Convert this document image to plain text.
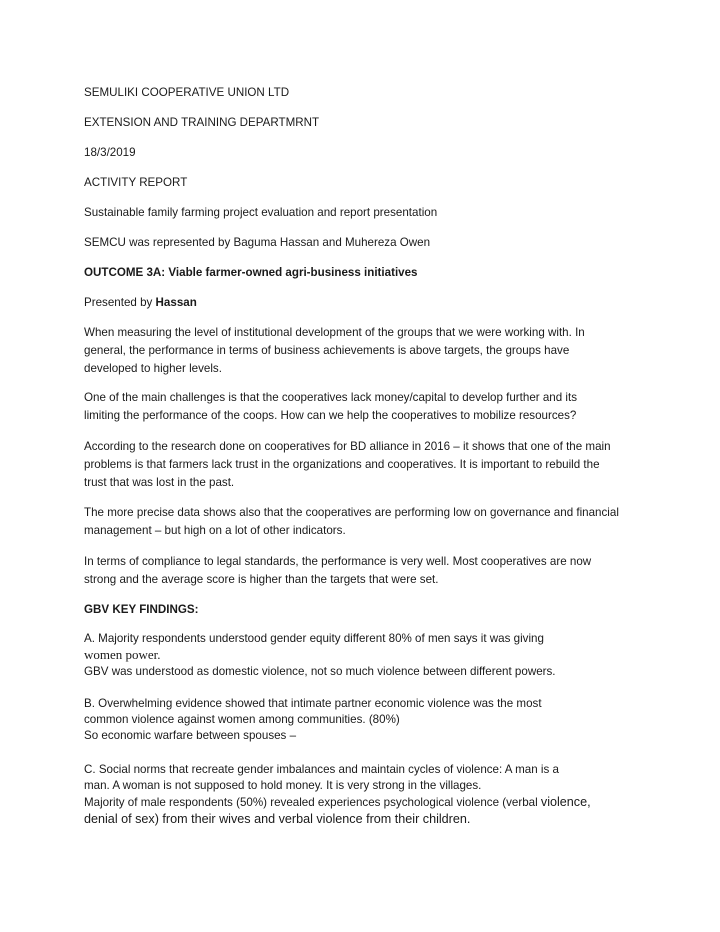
SEMULIKI COOPERATIVE UNION LTD
EXTENSION AND TRAINING DEPARTMRNT
18/3/2019
ACTIVITY REPORT
Sustainable family farming project evaluation and report presentation
SEMCU was represented by Baguma Hassan and Muhereza Owen
OUTCOME 3A: Viable farmer-owned agri-business initiatives
Presented by Hassan
When measuring the level of institutional development of the groups that we were working with. In
general, the performance in terms of business achievements is above targets, the groups have
developed to higher levels.
One of the main challenges is that the cooperatives lack money/capital to develop further and its
limiting the performance of the coops. How can we help the cooperatives to mobilize resources?
According to the research done on cooperatives for BD alliance in 2016 – it shows that one of the main
problems is that farmers lack trust in the organizations and cooperatives. It is important to rebuild the
trust that was lost in the past.
The more precise data shows also that the cooperatives are performing low on governance and financial
management – but high on a lot of other indicators.
In terms of compliance to legal standards, the performance is very well. Most cooperatives are now
strong and the average score is higher than the targets that were set.
GBV KEY FINDINGS:
A. Majority respondents understood gender equity different 80% of men says it was giving
women power.
GBV was understood as domestic violence, not so much violence between different powers.
B. Overwhelming evidence showed that intimate partner economic violence was the most
common violence against women among communities. (80%)
So economic warfare between spouses –
C. Social norms that recreate gender imbalances and maintain cycles of violence: A man is a
man. A woman is not supposed to hold money. It is very strong in the villages.
Majority of male respondents (50%) revealed experiences psychological violence (verbal violence,
denial of sex) from their wives and verbal violence from their children.
